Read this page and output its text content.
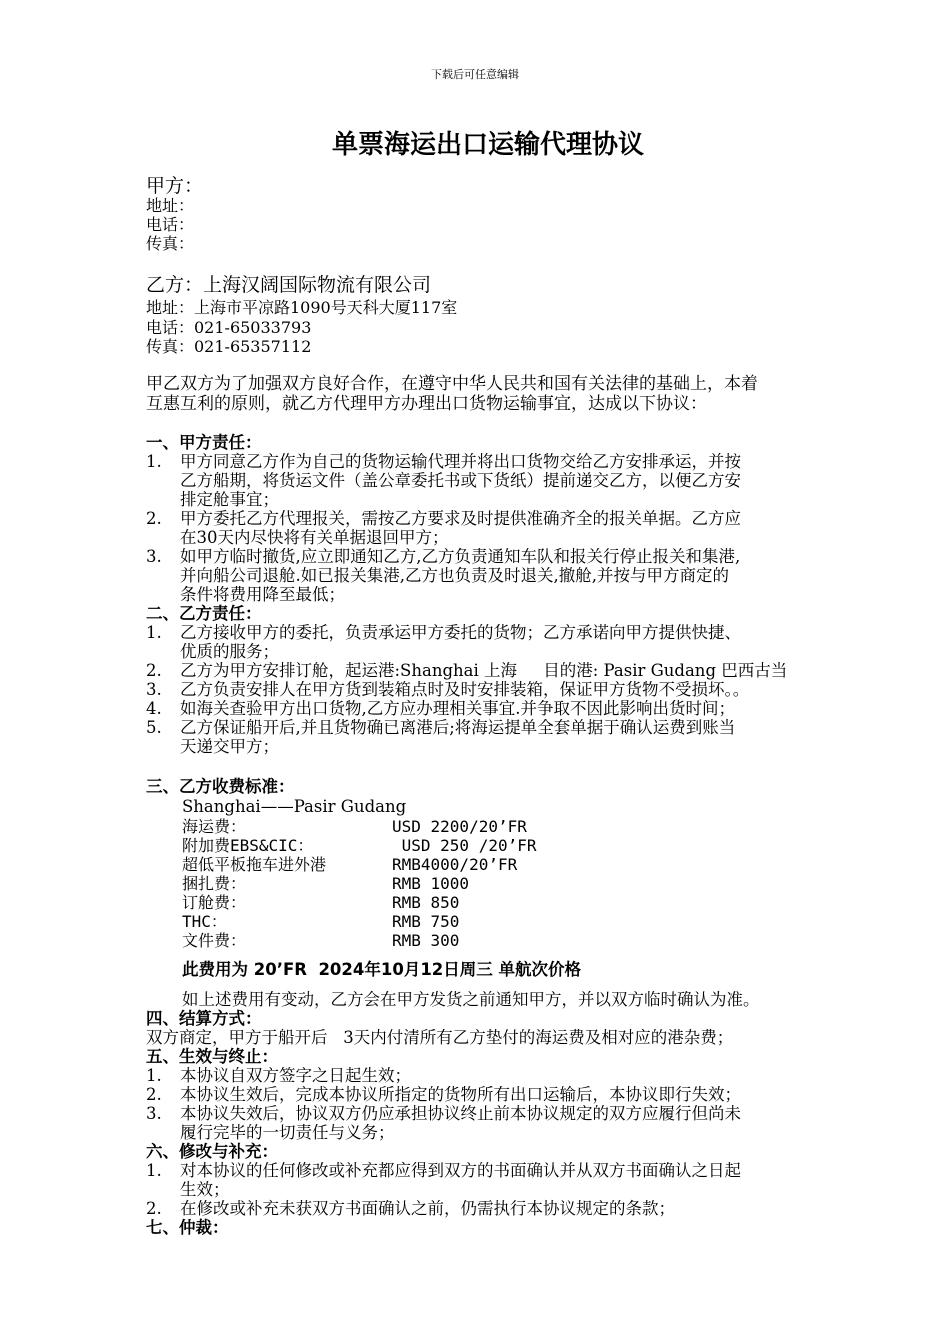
下载后可任意编辑
单票海运出口运输代理协议
甲方：
地址：
电话：
传真：
乙方：上海汉阔国际物流有限公司
地址：上海市平凉路1090号天科大厦117室
电话：021-65033793
传真：021-65357112
甲乙双方为了加强双方良好合作，在遵守中华人民共和国有关法律的基础上，本着
互惠互利的原则，就乙方代理甲方办理出口货物运输事宜，达成以下协议：
一、甲方责任：
1. 甲方同意乙方作为自己的货物运输代理并将出口货物交给乙方安排承运，并按
乙方船期，将货运文件（盖公章委托书或下货纸）提前递交乙方，以便乙方安
排定舱事宜；
2. 甲方委托乙方代理报关，需按乙方要求及时提供准确齐全的报关单据。乙方应
在30天内尽快将有关单据退回甲方；
3. 如甲方临时撤货,应立即通知乙方,乙方负责通知车队和报关行停止报关和集港,
并向船公司退舱.如已报关集港,乙方也负责及时退关,撤舱,并按与甲方商定的
条件将费用降至最低；
二、乙方责任：
1. 乙方接收甲方的委托，负责承运甲方委托的货物；乙方承诺向甲方提供快捷、
优质的服务；
2. 乙方为甲方安排订舱，起运港:Shanghai 上海     目的港: Pasir Gudang 巴西古当
3. 乙方负责安排人在甲方货到装箱点时及时安排装箱，保证甲方货物不受损坏。。
4. 如海关查验甲方出口货物,乙方应办理相关事宜.并争取不因此影响出货时间；
5. 乙方保证船开后,并且货物确已离港后;将海运提单全套单据于确认运费到账当
天递交甲方；
三、乙方收费标准：
Shanghai——Pasir Gudang
海运费：	USD 2200/20’FR
附加费EBS&CIC：	USD 250 /20’FR
超低平板拖车进外港	RMB4000/20’FR
捆扎费：	RMB 1000
订舱费：	RMB 850
THC：	RMB 750
文件费：	RMB 300
此费用为 20’FR  2024年10月12日周三 单航次价格
如上述费用有变动，乙方会在甲方发货之前通知甲方，并以双方临时确认为准。
四、结算方式：
双方商定，甲方于船开后   3天内付清所有乙方垫付的海运费及相对应的港杂费；
五、生效与终止：
1. 本协议自双方签字之日起生效；
2. 本协议生效后，完成本协议所指定的货物所有出口运输后，本协议即行失效；
3. 本协议失效后，协议双方仍应承担协议终止前本协议规定的双方应履行但尚未
履行完毕的一切责任与义务；
六、修改与补充：
1. 对本协议的任何修改或补充都应得到双方的书面确认并从双方书面确认之日起
生效；
2. 在修改或补充未获双方书面确认之前，仍需执行本协议规定的条款；
七、仲裁：
